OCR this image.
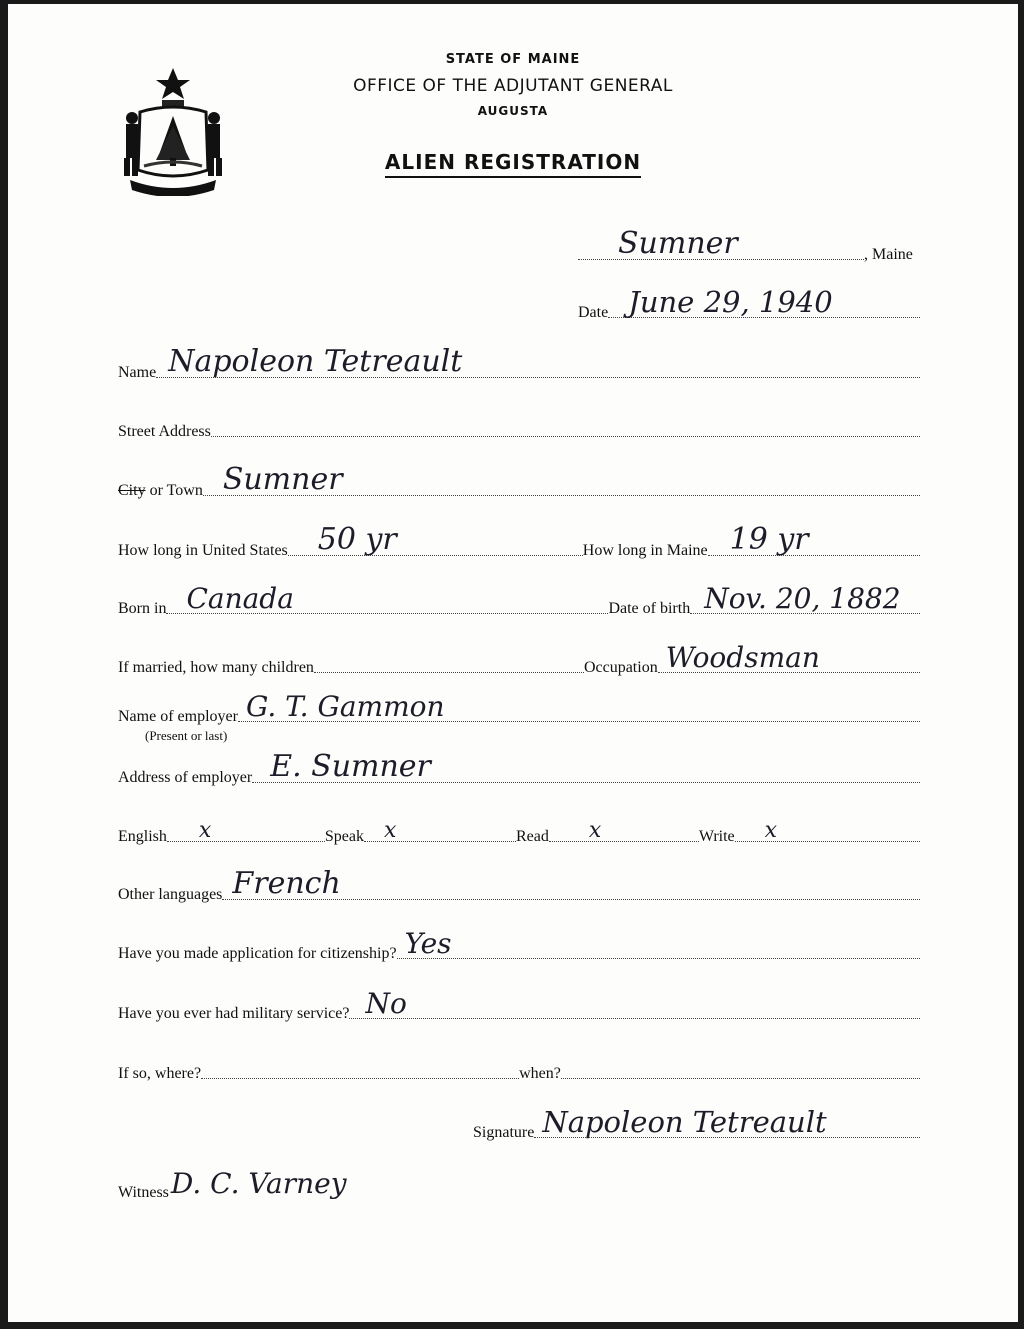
MAINE
STATE OF MAINE
OFFICE OF THE ADJUTANT GENERAL
AUGUSTA
ALIEN REGISTRATION
Sumner	, Maine
Date June 29, 1940
Name Napoleon Tetreault
Street Address
City or Town Sumner
How long in United States 50 yr	How long in Maine 19 yr
Born in Canada	Date of birth Nov. 20, 1882
If married, how many children	Occupation Woodsman
Name of employer G. T. Gammon
(Present or last)
Address of employer E. Sumner
English x	Speak x	Read x	Write x
Other languages French
Have you made application for citizenship? Yes
Have you ever had military service? No
If so, where?	when?
Signature Napoleon Tetreault
Witness D. C. Varney
